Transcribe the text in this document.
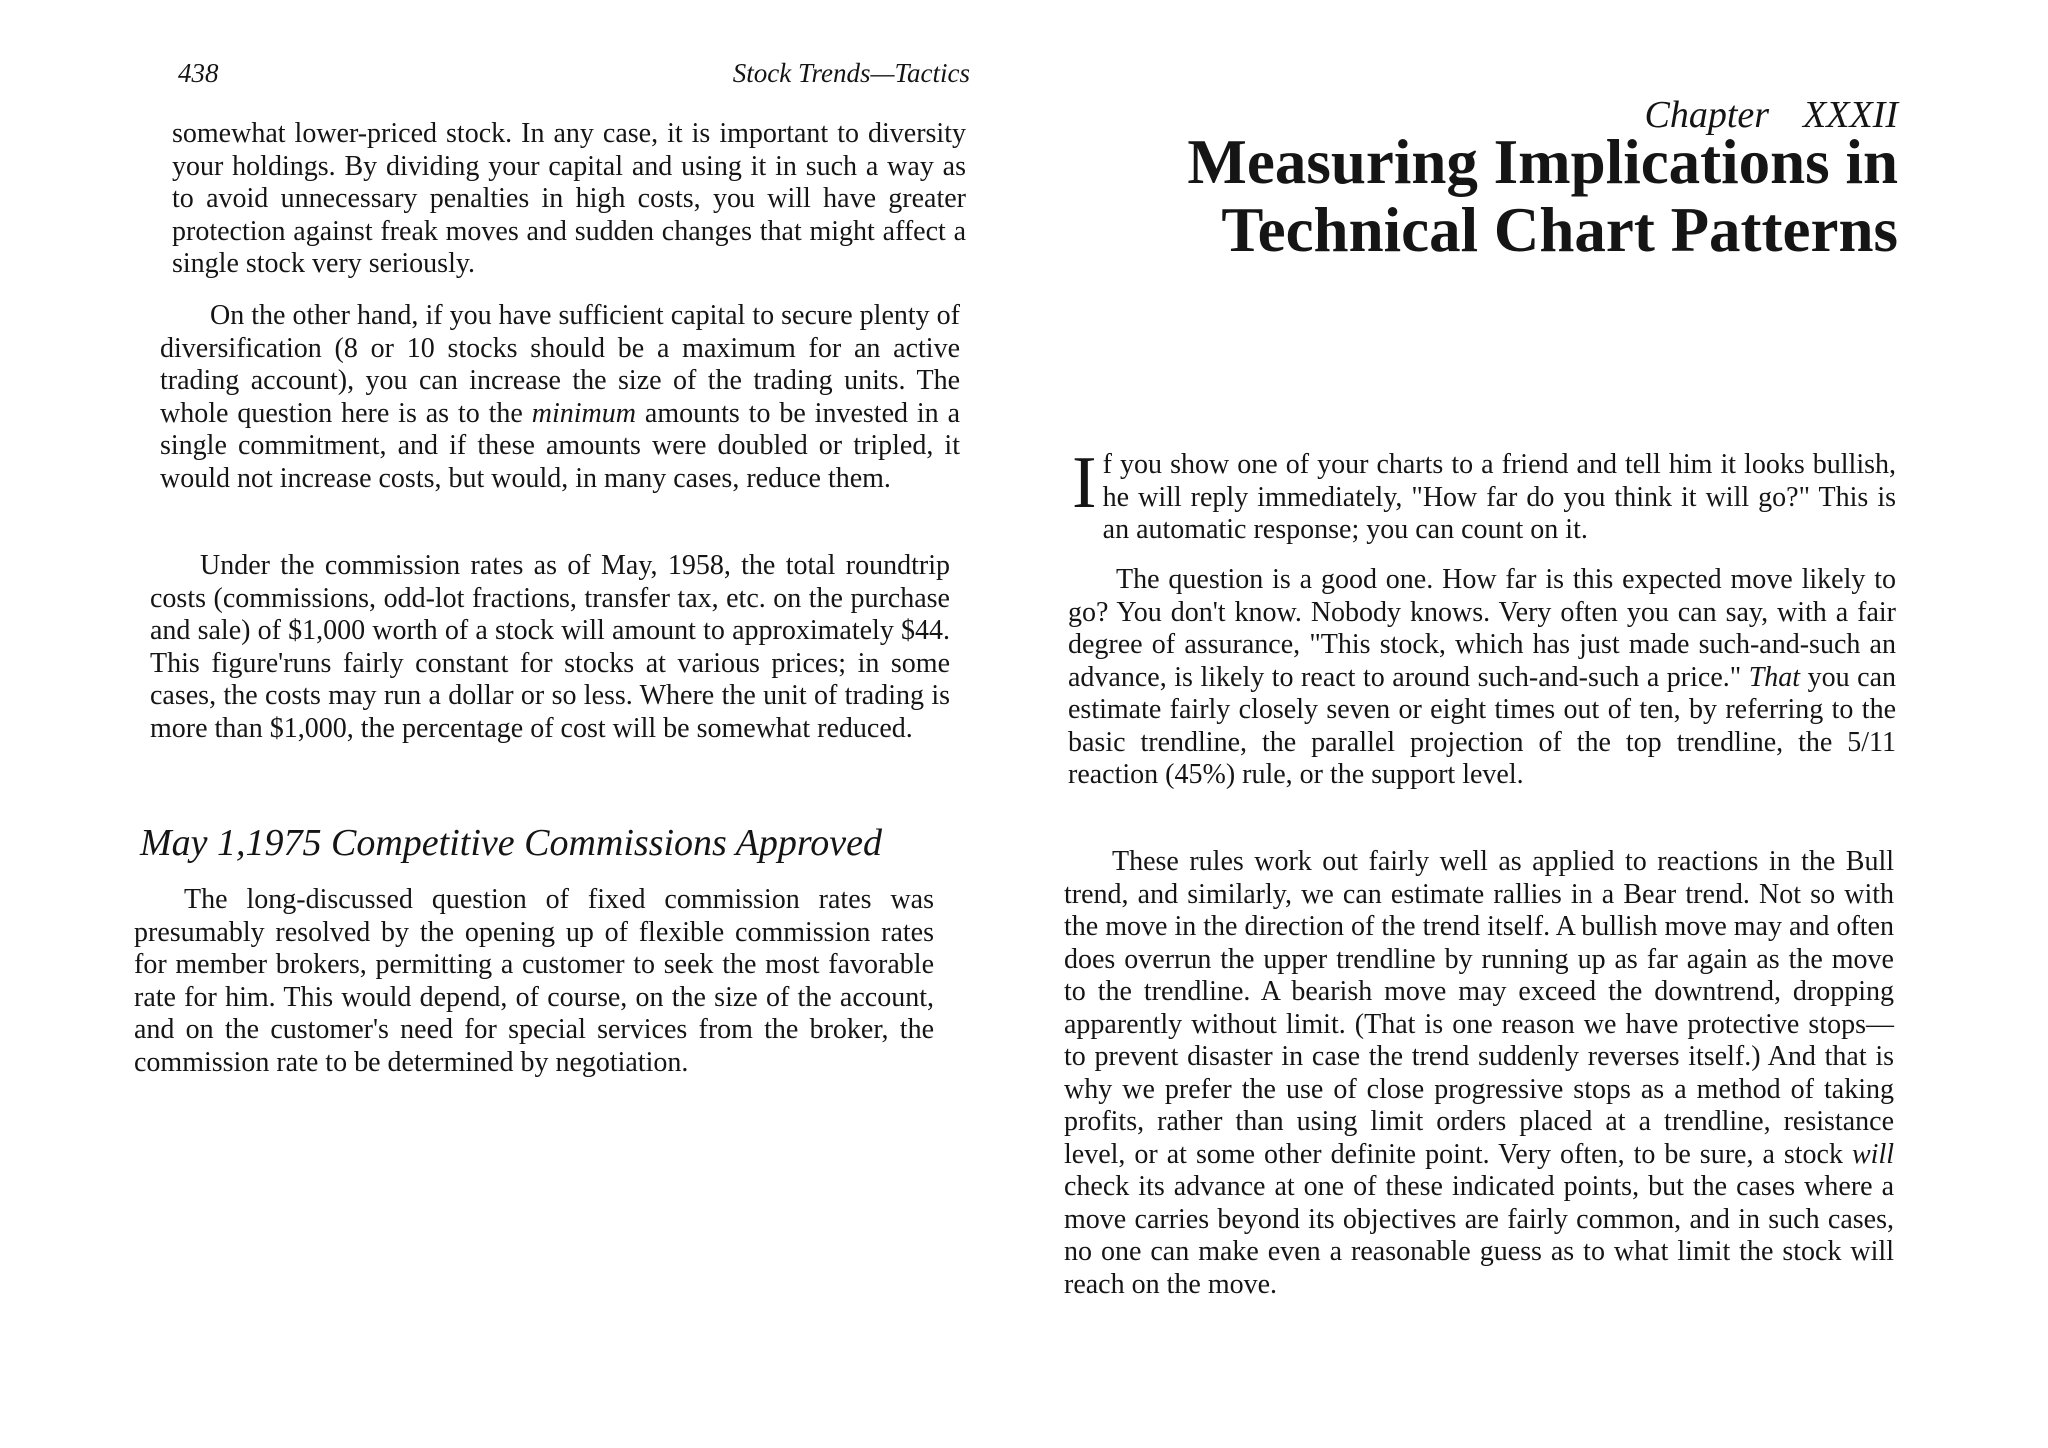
438	Stock Trends—Tactics

somewhat lower-priced stock. In any case, it is important to diversity your holdings. By dividing your capital and using it in such a way as to avoid unnecessary penalties in high costs, you will have greater protection against freak moves and sudden changes that might affect a single stock very seriously.

On the other hand, if you have sufficient capital to secure plenty of diversification (8 or 10 stocks should be a maximum for an active trading account), you can increase the size of the trading units. The whole question here is as to the minimum amounts to be invested in a single commitment, and if these amounts were doubled or tripled, it would not increase costs, but would, in many cases, reduce them.

Under the commission rates as of May, 1958, the total roundtrip costs (commissions, odd-lot fractions, transfer tax, etc. on the purchase and sale) of $1,000 worth of a stock will amount to approximately $44. This figure'runs fairly constant for stocks at various prices; in some cases, the costs may run a dollar or so less. Where the unit of trading is more than $1,000, the percentage of cost will be somewhat reduced.

May 1,1975 Competitive Commissions Approved

The long-discussed question of fixed commission rates was presumably resolved by the opening up of flexible commission rates for member brokers, permitting a customer to seek the most favorable rate for him. This would depend, of course, on the size of the account, and on the customer's need for special services from the broker, the commission rate to be determined by negotiation.

Chapter XXXII
Measuring Implications in Technical Chart Patterns

If you show one of your charts to a friend and tell him it looks bullish, he will reply immediately, "How far do you think it will go?" This is an automatic response; you can count on it.

The question is a good one. How far is this expected move likely to go? You don't know. Nobody knows. Very often you can say, with a fair degree of assurance, "This stock, which has just made such-and-such an advance, is likely to react to around such-and-such a price." That you can estimate fairly closely seven or eight times out of ten, by referring to the basic trendline, the parallel projection of the top trendline, the 5/11 reaction (45%) rule, or the support level.

These rules work out fairly well as applied to reactions in the Bull trend, and similarly, we can estimate rallies in a Bear trend. Not so with the move in the direction of the trend itself. A bullish move may and often does overrun the upper trendline by running up as far again as the move to the trendline. A bearish move may exceed the downtrend, dropping apparently without limit. (That is one reason we have protective stops—to prevent disaster in case the trend suddenly reverses itself.) And that is why we prefer the use of close progressive stops as a method of taking profits, rather than using limit orders placed at a trendline, resistance level, or at some other definite point. Very often, to be sure, a stock will check its advance at one of these indicated points, but the cases where a move carries beyond its objectives are fairly common, and in such cases, no one can make even a reasonable guess as to what limit the stock will reach on the move.
